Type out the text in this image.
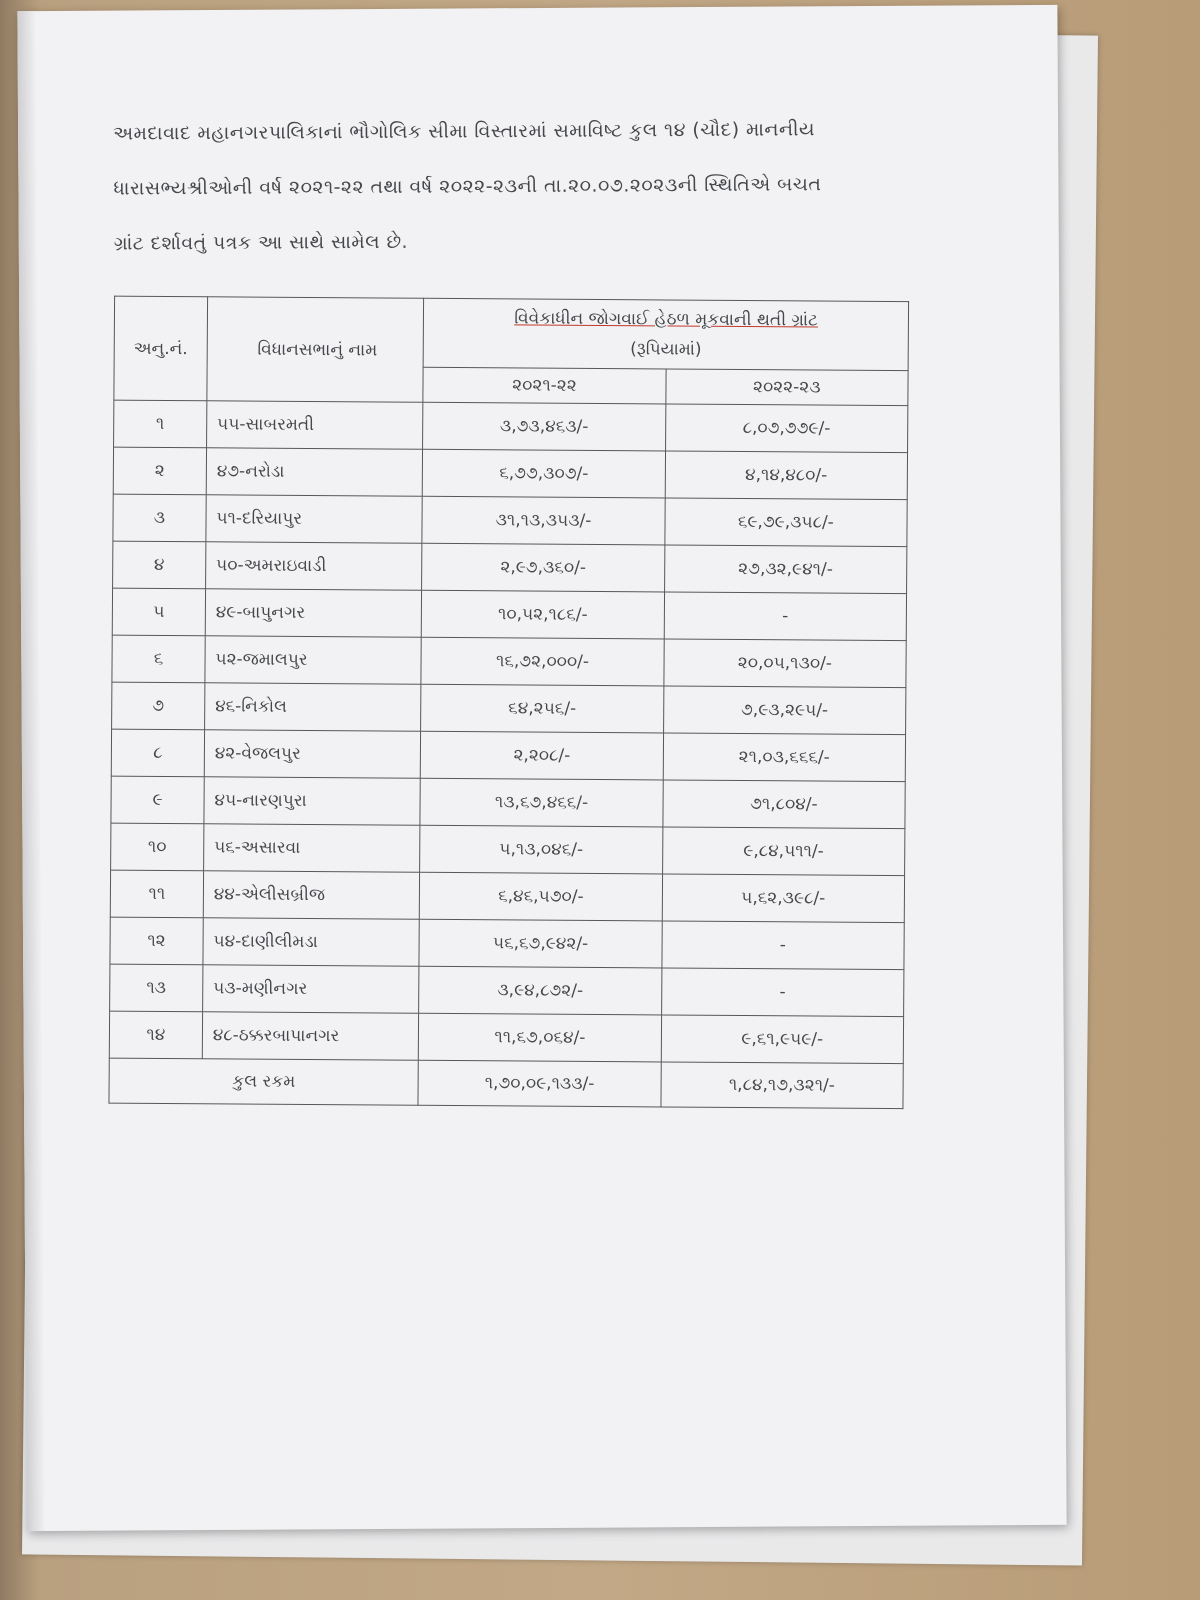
અમદાવાદ મહાનગરપાલિકાનાં ભૌગોલિક સીમા વિસ્તારમાં સમાવિષ્ટ કુલ ૧૪ (ચૌદ) માનનીય
ધારાસભ્યશ્રીઓની વર્ષ ૨૦૨૧-૨૨ તથા વર્ષ ૨૦૨૨-૨૩ની તા.૨૦.૦૭.૨૦૨૩ની સ્થિતિએ બચત
ગ્રાંટ દર્શાવતું પત્રક આ સાથે સામેલ છે.
અનુ.નં.	વિધાનસભાનું નામ	વિવેકાધીન જોગવાઈ હેઠળ મૂકવાની થતી ગ્રાંટ
(રૂપિયામાં)	

		૨૦૨૧-૨૨	૨૦૨૨-૨૩
૧	૫૫-સાબરમતી	૩,૭૩,૪૬૩/-	૮,૦૭,૭૭૯/-
૨	૪૭-નરોડા	૬,૭૭,૩૦૭/-	૪,૧૪,૪૮૦/-
૩	૫૧-દરિયાપુર	૩૧,૧૩,૩૫૩/-	૬૯,૭૯,૩૫૮/-
૪	૫૦-અમરાઇવાડી	૨,૯૭,૩૬૦/-	૨૭,૩૨,૯૪૧/-
૫	૪૯-બાપુનગર	૧૦,૫૨,૧૮૬/-	-
૬	૫૨-જમાલપુર	૧૬,૭૨,૦૦૦/-	૨૦,૦૫,૧૩૦/-
૭	૪૬-નિકોલ	૬૪,૨૫૬/-	૭,૯૩,૨૯૫/-
૮	૪૨-વેજલપુર	૨,૨૦૮/-	૨૧,૦૩,૬૬૬/-
૯	૪૫-નારણપુરા	૧૩,૬૭,૪૬૬/-	૭૧,૮૦૪/-
૧૦	૫૬-અસારવા	૫,૧૩,૦૪૬/-	૯,૮૪,૫૧૧/-
૧૧	૪૪-એલીસબ્રીજ	૬,૪૬,૫૭૦/-	૫,૬૨,૩૯૮/-
૧૨	૫૪-દાણીલીમડા	૫૬,૬૭,૯૪૨/-	-
૧૩	૫૩-મણીનગર	૩,૯૪,૮૭૨/-	-
૧૪	૪૮-ઠક્કરબાપાનગર	૧૧,૬૭,૦૬૪/-	૯,૬૧,૯૫૯/-
કુલ રકમ		૧,૭૦,૦૯,૧૩૩/-	૧,૮૪,૧૭,૩૨૧/-
